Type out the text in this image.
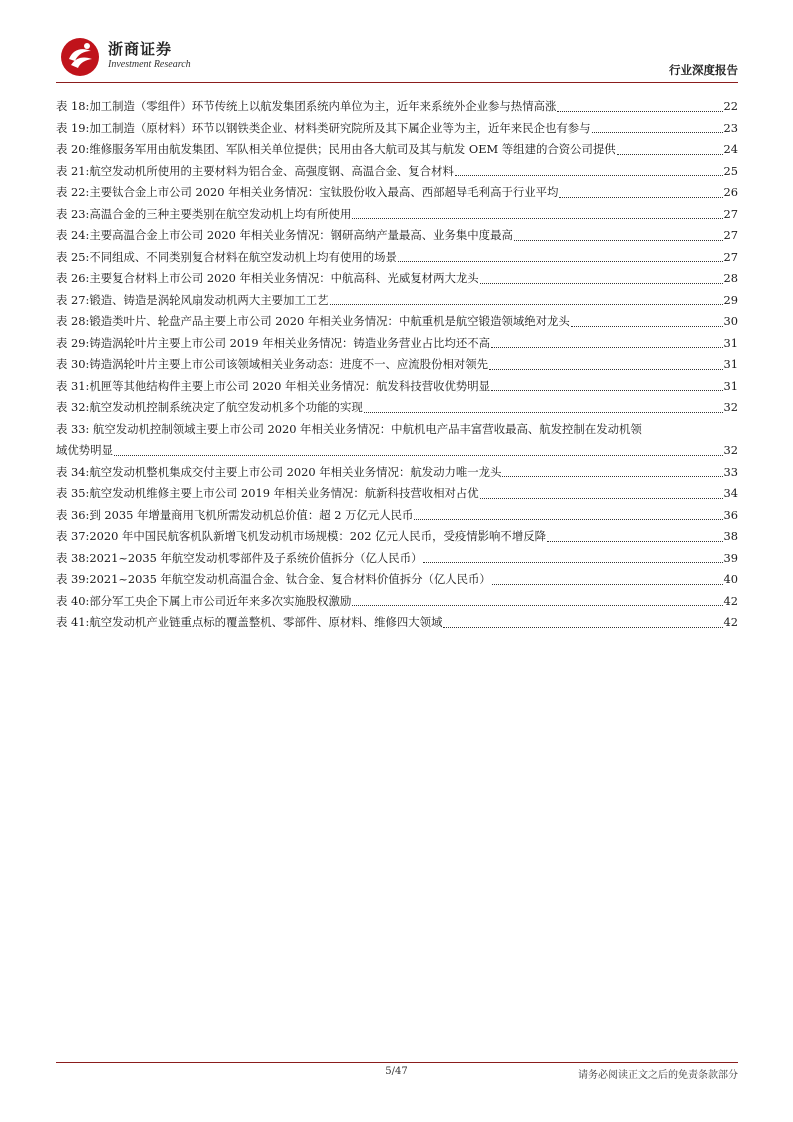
浙商证券
Investment Research	行业深度报告
表 18: 加工制造（零组件）环节传统上以航发集团系统内单位为主，近年来系统外企业参与热情高涨	22
表 19: 加工制造（原材料）环节以钢铁类企业、材料类研究院所及其下属企业等为主，近年来民企也有参与	23
表 20: 维修服务军用由航发集团、军队相关单位提供；民用由各大航司及其与航发 OEM 等组建的合资公司提供	24
表 21: 航空发动机所使用的主要材料为铝合金、高强度钢、高温合金、复合材料	25
表 22: 主要钛合金上市公司 2020 年相关业务情况：宝钛股份收入最高、西部超导毛利高于行业平均	26
表 23: 高温合金的三种主要类别在航空发动机上均有所使用	27
表 24: 主要高温合金上市公司 2020 年相关业务情况：钢研高纳产量最高、业务集中度最高	27
表 25: 不同组成、不同类别复合材料在航空发动机上均有使用的场景	27
表 26: 主要复合材料上市公司 2020 年相关业务情况：中航高科、光威复材两大龙头	28
表 27: 锻造、铸造是涡轮风扇发动机两大主要加工工艺	29
表 28: 锻造类叶片、轮盘产品主要上市公司 2020 年相关业务情况：中航重机是航空锻造领域绝对龙头	30
表 29: 铸造涡轮叶片主要上市公司 2019 年相关业务情况：铸造业务营业占比均还不高	31
表 30: 铸造涡轮叶片主要上市公司该领域相关业务动态：进度不一、应流股份相对领先	31
表 31: 机匣等其他结构件主要上市公司 2020 年相关业务情况：航发科技营收优势明显	31
表 32: 航空发动机控制系统决定了航空发动机多个功能的实现	32
表 33: 航空发动机控制领域主要上市公司 2020 年相关业务情况：中航机电产品丰富营收最高、航发控制在发动机领
域优势明显	32
表 34: 航空发动机整机集成交付主要上市公司 2020 年相关业务情况：航发动力唯一龙头	33
表 35: 航空发动机维修主要上市公司 2019 年相关业务情况：航新科技营收相对占优	34
表 36: 到 2035 年增量商用飞机所需发动机总价值：超 2 万亿元人民币	36
表 37: 2020 年中国民航客机队新增飞机发动机市场规模：202 亿元人民币，受疫情影响不增反降	38
表 38: 2021~2035 年航空发动机零部件及子系统价值拆分（亿人民币）	39
表 39: 2021~2035 年航空发动机高温合金、钛合金、复合材料价值拆分（亿人民币）	40
表 40: 部分军工央企下属上市公司近年来多次实施股权激励	42
表 41: 航空发动机产业链重点标的覆盖整机、零部件、原材料、维修四大领域	42
5/47	请务必阅读正文之后的免责条款部分
